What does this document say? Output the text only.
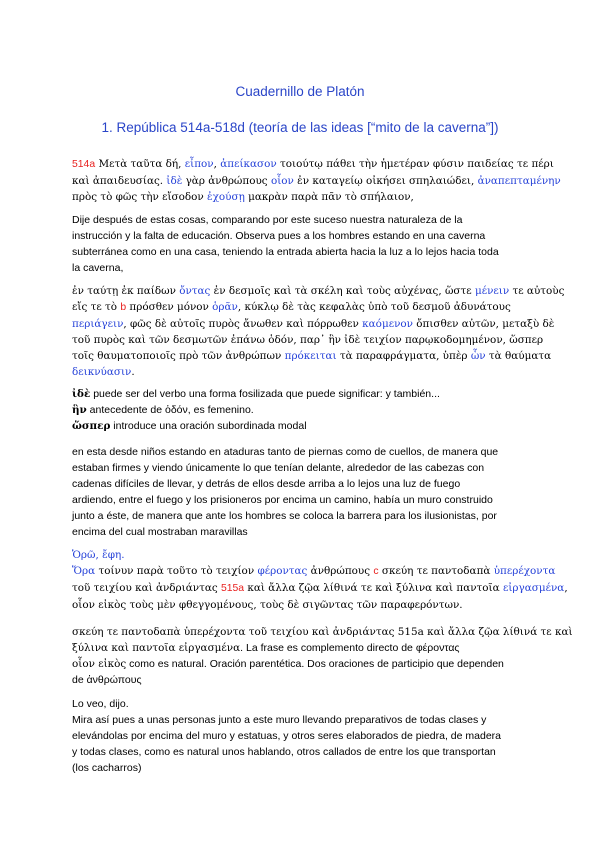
Cuadernillo de Platón
1. República 514a-518d (teoría de las ideas [“mito de la caverna”])
514a Μετὰ ταῦτα δή, εἶπον, ἀπείκασον τοιούτῳ πάθει τὴν ἡμετέραν φύσιν παιδείας τε πέρι
καὶ ἀπαιδευσίας. ἰδὲ γὰρ ἀνθρώπους οἷον ἐν καταγείῳ οἰκήσει σπηλαιώδει, ἀναπεπταμένην
πρὸς τὸ φῶς τὴν εἴσοδον ἐχούσῃ μακρὰν παρὰ πᾶν τὸ σπήλαιον,
Dije después de estas cosas, comparando por este suceso nuestra naturaleza de la
instrucción y la falta de educación. Observa pues a los hombres estando en una caverna
subterránea como en una casa, teniendo la entrada abierta hacia la luz a lo lejos hacia toda
la caverna,
ἐν ταύτῃ ἐκ παίδων ὄντας ἐν δεσμοῖς καὶ τὰ σκέλη καὶ τοὺς αὐχένας, ὥστε μένειν τε αὐτοὺς
εἴς τε τὸ b πρόσθεν μόνον ὁρᾶν, κύκλῳ δὲ τὰς κεφαλὰς ὑπὸ τοῦ δεσμοῦ ἀδυνάτους
περιάγειν, φῶς δὲ αὐτοῖς πυρὸς ἄνωθεν καὶ πόρρωθεν καόμενον ὄπισθεν αὐτῶν, μεταξὺ δὲ
τοῦ πυρὸς καὶ τῶν δεσμωτῶν ἐπάνω ὁδόν, παρ᾽ ἣν ἰδὲ τειχίον παρῳκοδομημένον, ὥσπερ
τοῖς θαυματοποιοῖς πρὸ τῶν ἀνθρώπων πρόκειται τὰ παραφράγματα, ὑπὲρ ὧν τὰ θαύματα
δεικνύασιν.
ἰδὲ puede ser del verbo una forma fosilizada que puede significar: y también...
ἣν antecedente de ὁδόν, es femenino.
ὥσπερ introduce una oración subordinada modal
en esta desde niños estando en ataduras tanto de piernas como de cuellos, de manera que
estaban firmes y viendo únicamente lo que tenían delante, alrededor de las cabezas con
cadenas difíciles de llevar, y detrás de ellos desde arriba a lo lejos una luz de fuego
ardiendo, entre el fuego y los prisioneros por encima un camino, había un muro construido
junto a éste, de manera que ante los hombres se coloca la barrera para los ilusionistas, por
encima del cual mostraban maravillas
Ὁρῶ, ἔφη.
Ὅρα τοίνυν παρὰ τοῦτο τὸ τειχίον φέροντας ἀνθρώπους c σκεύη τε παντοδαπὰ ὑπερέχοντα
τοῦ τειχίου καὶ ἀνδριάντας 515a καὶ ἄλλα ζῷα λίθινά τε καὶ ξύλινα καὶ παντοῖα εἰργασμένα,
οἷον εἰκὸς τοὺς μὲν φθεγγομένους, τοὺς δὲ σιγῶντας τῶν παραφερόντων.
σκεύη τε παντοδαπὰ ὑπερέχοντα τοῦ τειχίου καὶ ἀνδριάντας 515a καὶ ἄλλα ζῷα λίθινά τε καὶ
ξύλινα καὶ παντοῖα εἰργασμένα. La frase es complemento directo de φέροντας
οἷον εἰκὸς como es natural. Oración parentética. Dos oraciones de participio que dependen
de ἀνθρώπους
Lo veo, dijo.
Mira así pues a unas personas junto a este muro llevando preparativos de todas clases y
elevándolas por encima del muro y estatuas, y otros seres elaborados de piedra, de madera
y todas clases, como es natural unos hablando, otros callados de entre los que transportan
(los cacharros)
